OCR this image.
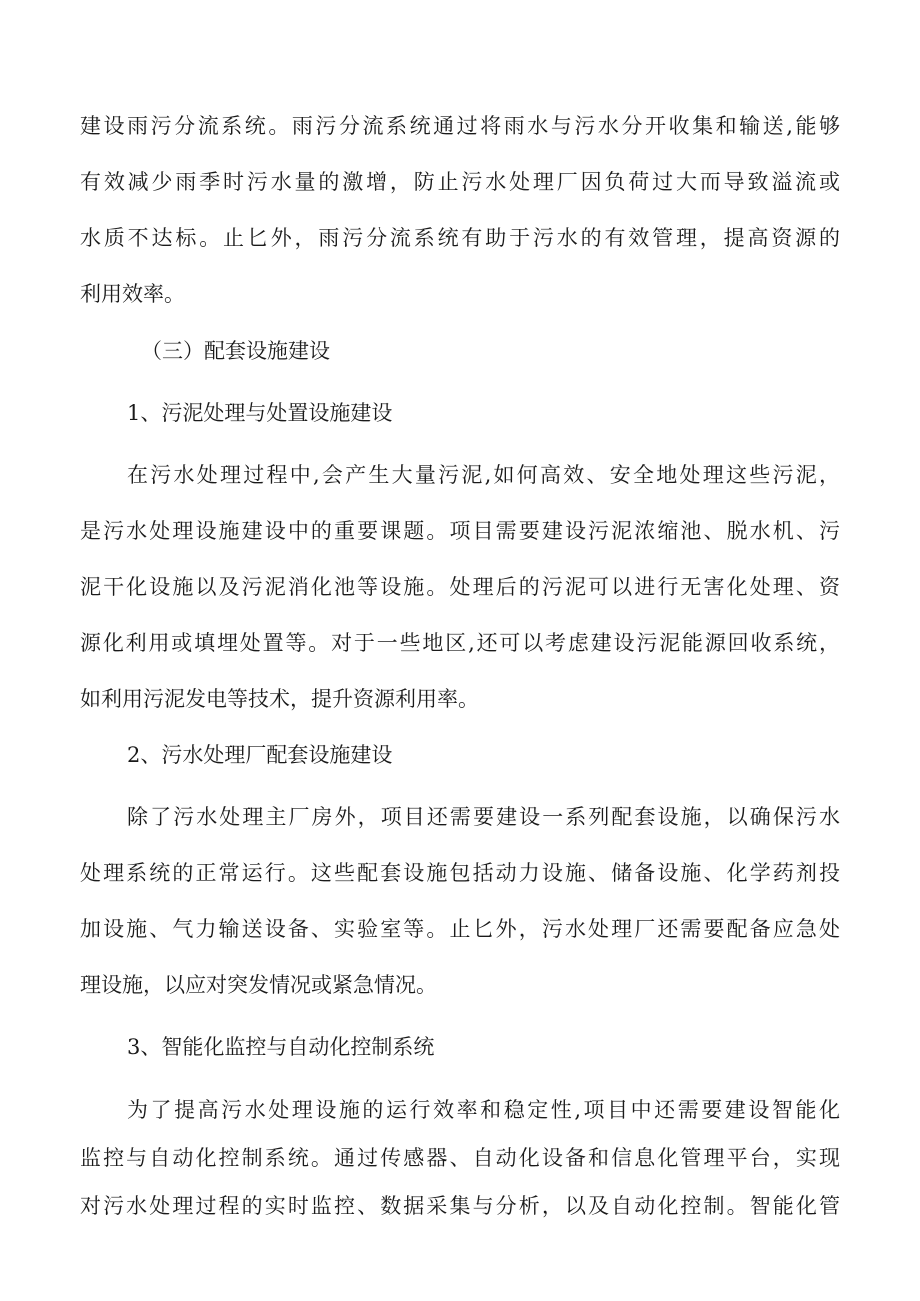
建设雨污分流系统。雨污分流系统通过将雨水与污水分开收集和输送,能够
有效减少雨季时污水量的激增，防止污水处理厂因负荷过大而导致溢流或
水质不达标。止匕外，雨污分流系统有助于污水的有效管理，提高资源的
利用效率。
（三）配套设施建设
1、污泥处理与处置设施建设
在污水处理过程中,会产生大量污泥,如何高效、安全地处理这些污泥，
是污水处理设施建设中的重要课题。项目需要建设污泥浓缩池、脱水机、污
泥干化设施以及污泥消化池等设施。处理后的污泥可以进行无害化处理、资
源化利用或填埋处置等。对于一些地区,还可以考虑建设污泥能源回收系统，
如利用污泥发电等技术，提升资源利用率。
2、污水处理厂配套设施建设
除了污水处理主厂房外，项目还需要建设一系列配套设施，以确保污水
处理系统的正常运行。这些配套设施包括动力设施、储备设施、化学药剂投
加设施、气力输送设备、实验室等。止匕外，污水处理厂还需要配备应急处
理设施，以应对突发情况或紧急情况。
3、智能化监控与自动化控制系统
为了提高污水处理设施的运行效率和稳定性,项目中还需要建设智能化
监控与自动化控制系统。通过传感器、自动化设备和信息化管理平台，实现
对污水处理过程的实时监控、数据采集与分析，以及自动化控制。智能化管
